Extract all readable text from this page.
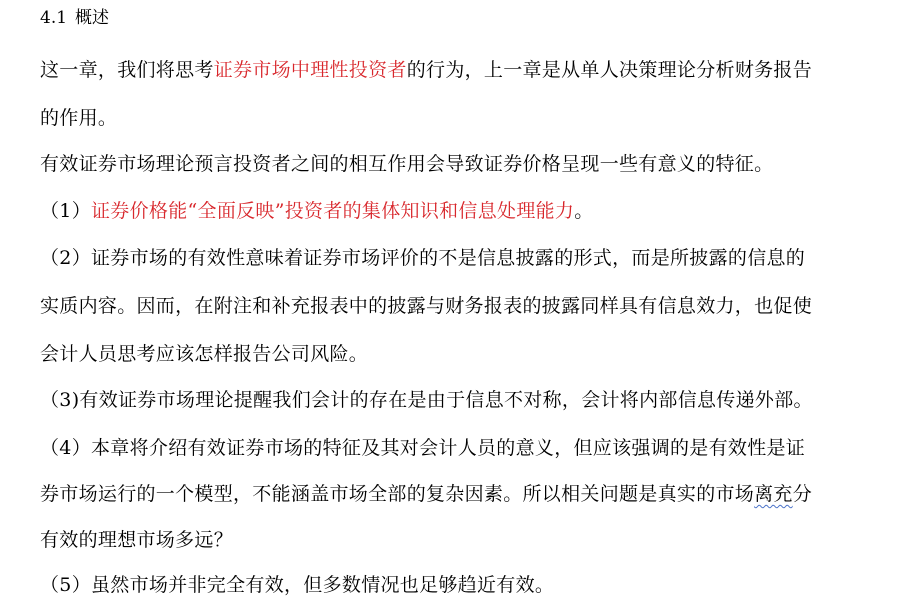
4.1 概述
这一章，我们将思考证券市场中理性投资者的行为，上一章是从单人决策理论分析财务报告
的作用。
有效证券市场理论预言投资者之间的相互作用会导致证券价格呈现一些有意义的特征。
（1）证券价格能“全面反映”投资者的集体知识和信息处理能力。
（2）证券市场的有效性意味着证券市场评价的不是信息披露的形式，而是所披露的信息的
实质内容。因而，在附注和补充报表中的披露与财务报表的披露同样具有信息效力，也促使
会计人员思考应该怎样报告公司风险。
（3)有效证券市场理论提醒我们会计的存在是由于信息不对称，会计将内部信息传递外部。
（4）本章将介绍有效证券市场的特征及其对会计人员的意义，但应该强调的是有效性是证
券市场运行的一个模型，不能涵盖市场全部的复杂因素。所以相关问题是真实的市场离充分
有效的理想市场多远？
（5）虽然市场并非完全有效，但多数情况也足够趋近有效。
